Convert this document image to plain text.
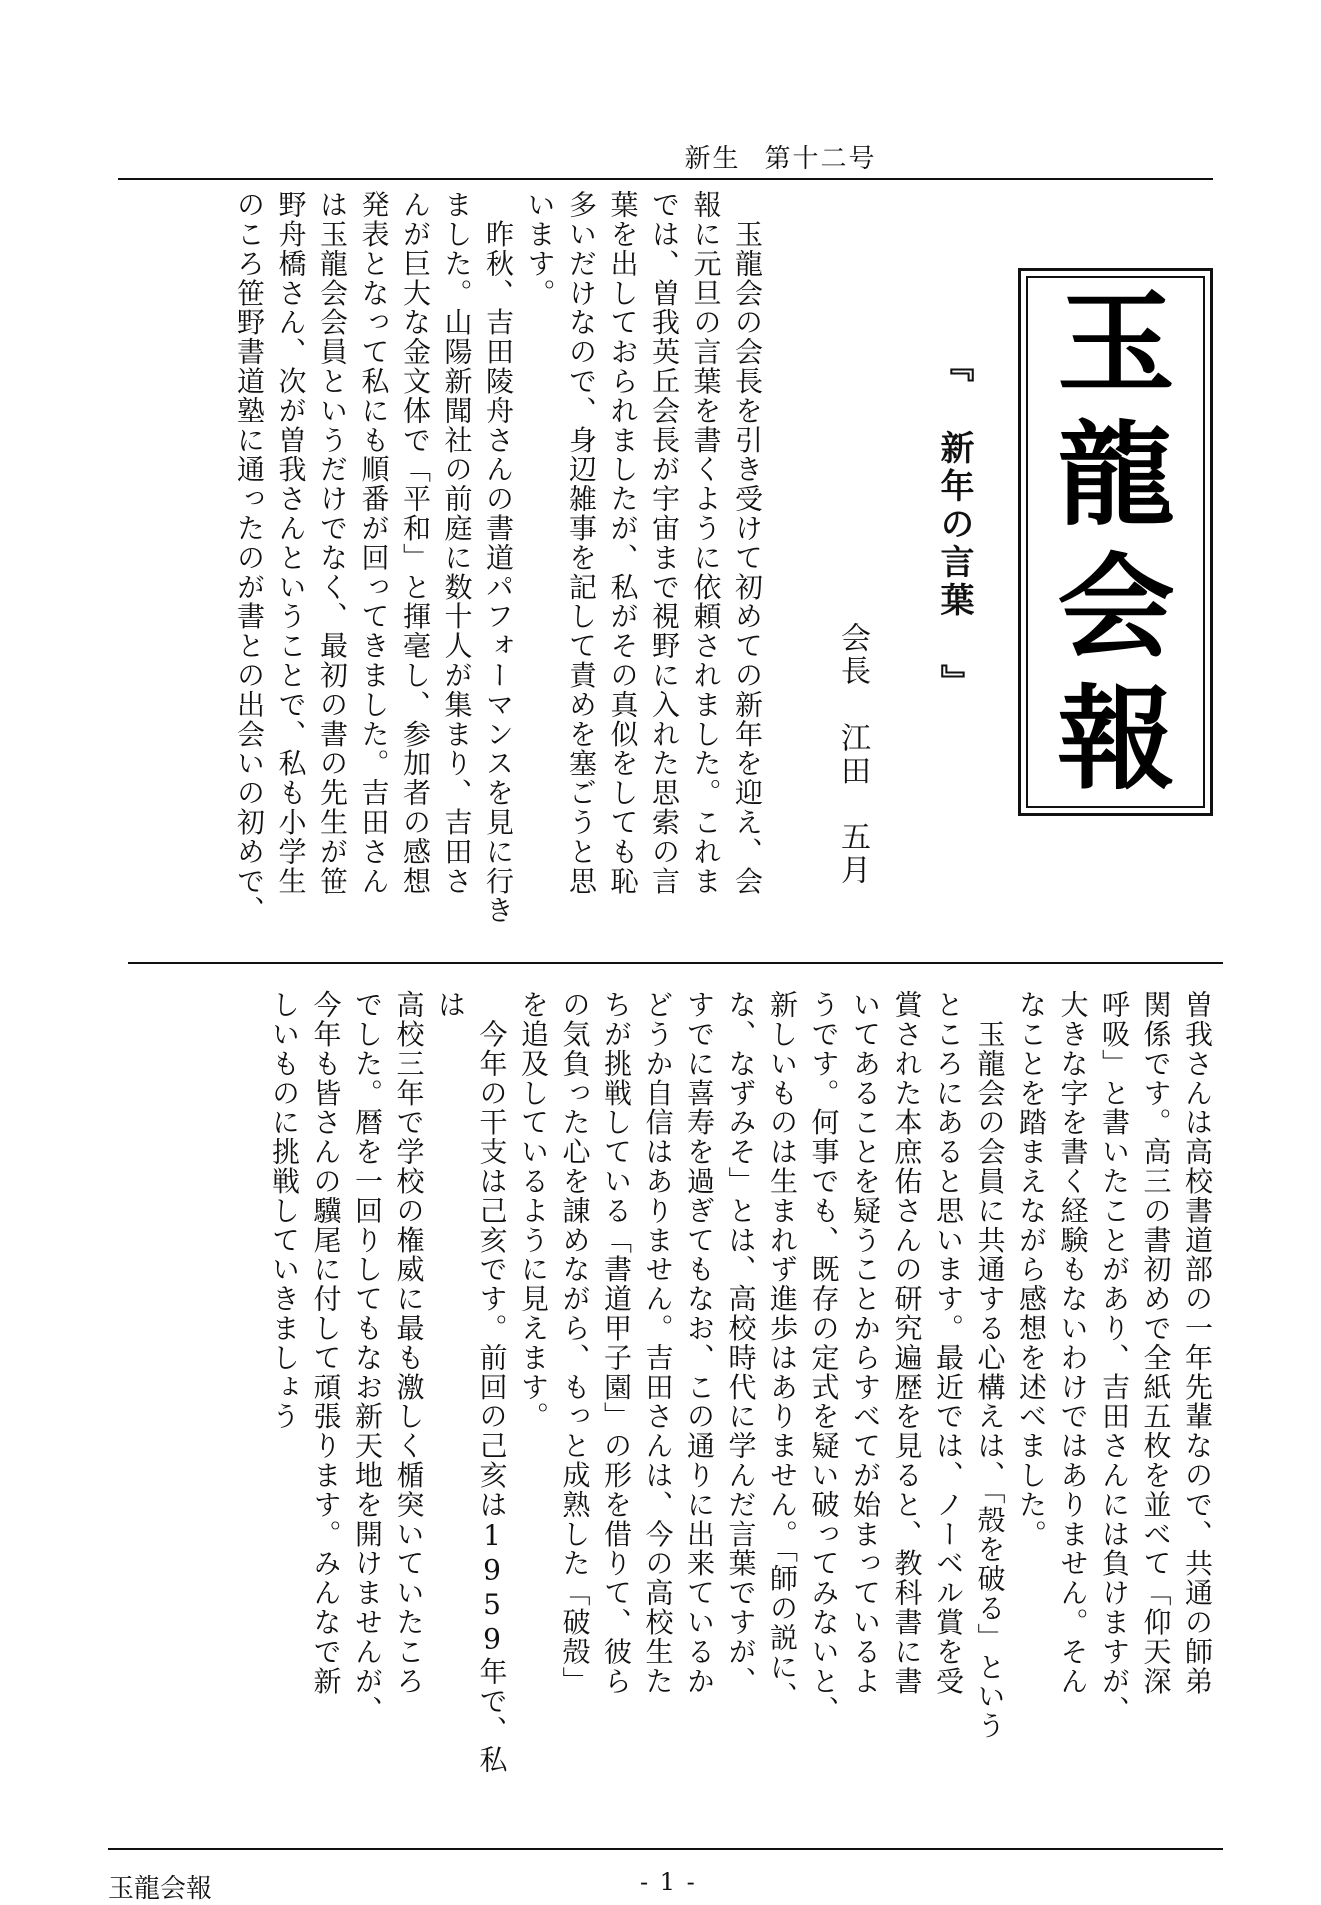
新生 第十二号
　玉龍会の会長を引き受けて初めての新年を迎え、会
報に元旦の言葉を書くように依頼されました。これま
では、曽我英丘会長が宇宙まで視野に入れた思索の言
葉を出しておられましたが、私がその真似をしても恥
多いだけなので、身辺雑事を記して責めを塞ごうと思
います。
　昨秋、吉田陵舟さんの書道パフォーマンスを見に行き
ました。山陽新聞社の前庭に数十人が集まり、吉田さ
んが巨大な金文体で「平和」と揮毫し、参加者の感想
発表となって私にも順番が回ってきました。吉田さん
は玉龍会会員というだけでなく、最初の書の先生が笹
野舟橋さん、次が曽我さんということで、私も小学生
のころ笹野書道塾に通ったのが書との出会いの初めで、	『 新年の言葉 』
会長江田　五月
玉
龍
会
報
曽我さんは高校書道部の一年先輩なので、共通の師弟
関係です。高三の書初めで全紙五枚を並べて「仰天深
呼吸」と書いたことがあり、吉田さんには負けますが、
大きな字を書く経験もないわけではありません。そん
なことを踏まえながら感想を述べました。
　玉龍会の会員に共通する心構えは、「殻を破る」という
ところにあると思います。最近では、ノーベル賞を受
賞された本庶佑さんの研究遍歴を見ると、教科書に書
いてあることを疑うことからすべてが始まっているよ
うです。何事でも、既存の定式を疑い破ってみないと、
新しいものは生まれず進歩はありません。「師の説に、
な、なずみそ」とは、高校時代に学んだ言葉ですが、
すでに喜寿を過ぎてもなお、この通りに出来ているか
どうか自信はありません。吉田さんは、今の高校生た
ちが挑戦している「書道甲子園」の形を借りて、彼ら
の気負った心を諌めながら、もっと成熟した「破殻」
を追及しているように見えます。
　今年の干支は己亥です。前回の己亥は1959年で、私は
高校三年で学校の権威に最も激しく楯突いていたころ
でした。暦を一回りしてもなお新天地を開けませんが、
今年も皆さんの驥尾に付して頑張ります。みんなで新
しいものに挑戦していきましょう
玉龍会報	- 1 -
